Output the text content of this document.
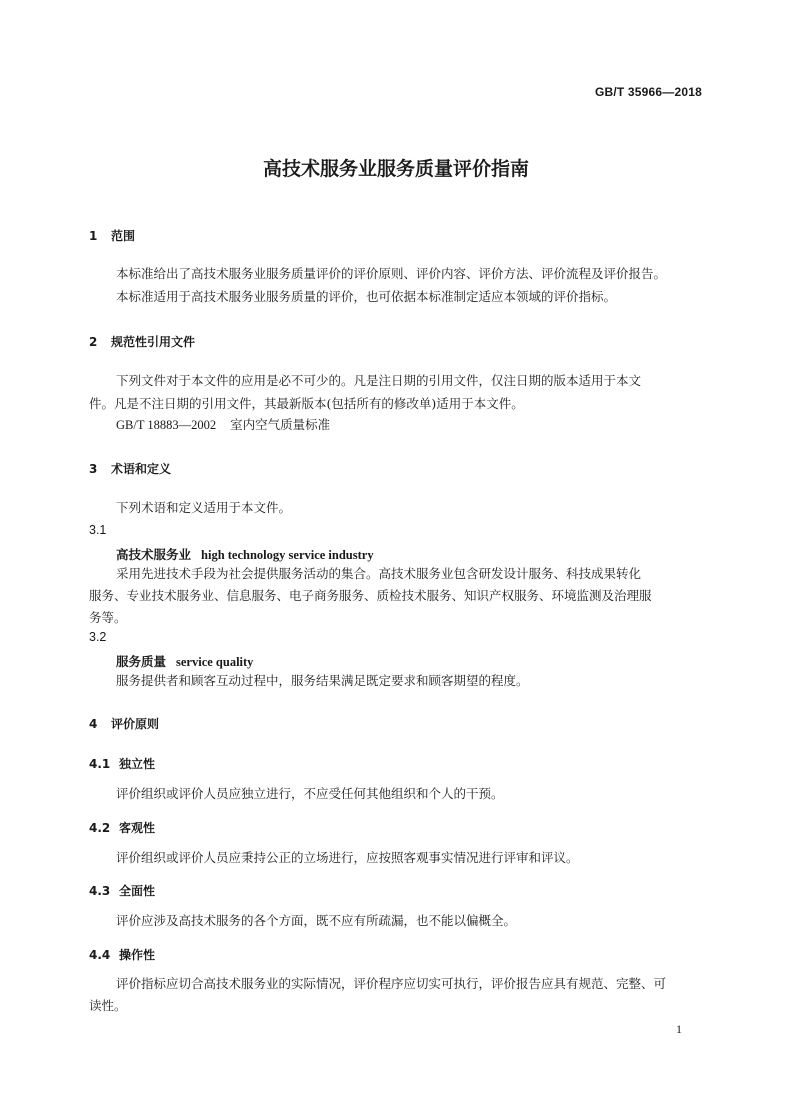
GB/T 35966—2018
高技术服务业服务质量评价指南
1 范围
本标准给出了高技术服务业服务质量评价的评价原则、评价内容、评价方法、评价流程及评价报告。
本标准适用于高技术服务业服务质量的评价，也可依据本标准制定适应本领域的评价指标。
2 规范性引用文件
下列文件对于本文件的应用是必不可少的。凡是注日期的引用文件，仅注日期的版本适用于本文
件。凡是不注日期的引用文件，其最新版本(包括所有的修改单)适用于本文件。
GB/T 18883—2002 室内空气质量标准
3 术语和定义
下列术语和定义适用于本文件。
3.1
高技术服务业 high technology service industry
采用先进技术手段为社会提供服务活动的集合。高技术服务业包含研发设计服务、科技成果转化
服务、专业技术服务业、信息服务、电子商务服务、质检技术服务、知识产权服务、环境监测及治理服
务等。
3.2
服务质量 service quality
服务提供者和顾客互动过程中，服务结果满足既定要求和顾客期望的程度。
4 评价原则
4.1 独立性
评价组织或评价人员应独立进行，不应受任何其他组织和个人的干预。
4.2 客观性
评价组织或评价人员应秉持公正的立场进行，应按照客观事实情况进行评审和评议。
4.3 全面性
评价应涉及高技术服务的各个方面，既不应有所疏漏，也不能以偏概全。
4.4 操作性
评价指标应切合高技术服务业的实际情况，评价程序应切实可执行，评价报告应具有规范、完整、可
读性。
1
